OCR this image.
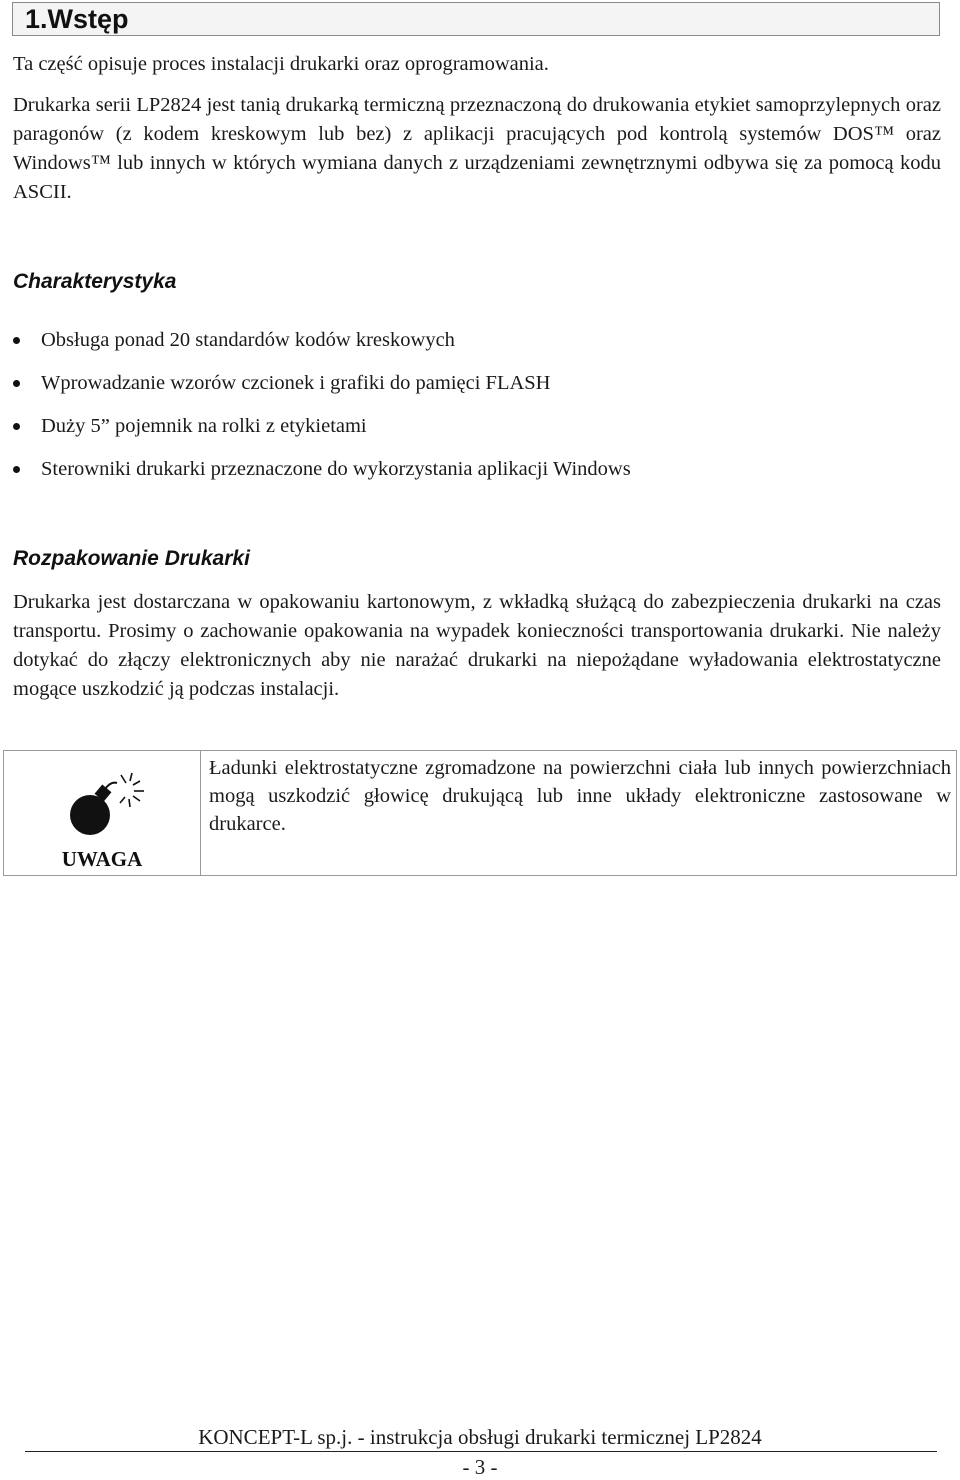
1.Wstęp

Ta część opisuje proces instalacji drukarki oraz oprogramowania.

Drukarka serii LP2824 jest tanią drukarką termiczną przeznaczoną do drukowania etykiet samoprzylepnych oraz paragonów (z kodem kreskowym lub bez) z aplikacji pracujących pod kontrolą systemów DOS™ oraz Windows™ lub innych w których wymiana danych z urządzeniami zewnętrznymi odbywa się za pomocą kodu ASCII.

Charakterystyka
Obsługa ponad 20 standardów kodów kreskowych
Wprowadzanie wzorów czcionek i grafiki do pamięci FLASH
Duży 5” pojemnik na rolki z etykietami
Sterowniki drukarki przeznaczone do wykorzystania aplikacji Windows
Rozpakowanie Drukarki

Drukarka jest dostarczana w opakowaniu kartonowym, z wkładką służącą do zabezpieczenia drukarki na czas transportu. Prosimy o zachowanie opakowania na wypadek konieczności transportowania drukarki. Nie należy dotykać do złączy elektronicznych aby nie narażać drukarki na niepożądane wyładowania elektrostatyczne mogące uszkodzić ją podczas instalacji.

UWAGA

Ładunki elektrostatyczne zgromadzone na powierzchni ciała lub innych powierzchniach mogą uszkodzić głowicę drukującą lub inne układy elektroniczne zastosowane w drukarce.

KONCEPT-L sp.j. - instrukcja obsługi drukarki termicznej LP2824
- 3 -
